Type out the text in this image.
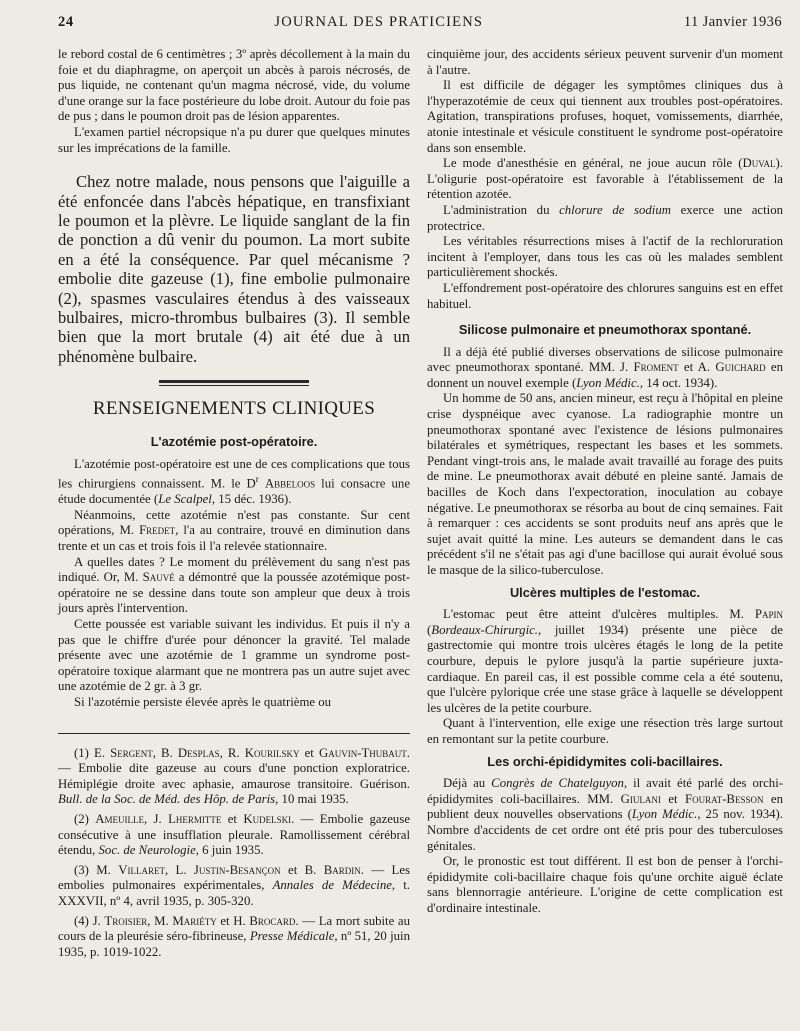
24	JOURNAL DES PRATICIENS	11 Janvier 1936

le rebord costal de 6 centimètres ; 3º après décollement à la main du foie et du diaphragme, on aperçoit un abcès à parois nécrosés, de pus liquide, ne contenant qu'un magma nécrosé, vide, du volume d'une orange sur la face postérieure du lobe droit. Autour du foie pas de pus ; dans le poumon droit pas de lésion apparentes.

L'examen partiel nécropsique n'a pu durer que quelques minutes sur les imprécations de la famille.

Chez notre malade, nous pensons que l'aiguille a été enfoncée dans l'abcès hépatique, en transfixiant le poumon et la plèvre. Le liquide sanglant de la fin de ponction a dû venir du poumon. La mort subite en a été la conséquence. Par quel mécanisme ? embolie dite gazeuse (1), fine embolie pulmonaire (2), spasmes vasculaires étendus à des vaisseaux bulbaires, micro-thrombus bulbaires (3). Il semble bien que la mort brutale (4) ait été due à un phénomène bulbaire.

RENSEIGNEMENTS CLINIQUES
L'azotémie post-opératoire.

L'azotémie post-opératoire est une de ces complications que tous les chirurgiens connaissent. M. le $D^r$ Abbeloos lui consacre une étude documentée (Le Scalpel, 15 déc. 1936).

Néanmoins, cette azotémie n'est pas constante. Sur cent opérations, M. Fredet, l'a au contraire, trouvé en diminution dans trente et un cas et trois fois il l'a relevée stationnaire.

A quelles dates ? Le moment du prélèvement du sang n'est pas indiqué. Or, M. Sauvé a démontré que la poussée azotémique post-opératoire ne se dessine dans toute son ampleur que deux à trois jours après l'intervention.

Cette poussée est variable suivant les individus. Et puis il n'y a pas que le chiffre d'urée pour dénoncer la gravité. Tel malade présente avec une azotémie de 1 gramme un syndrome post-opératoire toxique alarmant que ne montrera pas un autre sujet avec une azotémie de 2 gr. à 3 gr.

Si l'azotémie persiste élevée après le quatrième ou

(1) E. Sergent, B. Desplas, R. Kourilsky et Gauvin-Thubaut. — Embolie dite gazeuse au cours d'une ponction exploratrice. Hémiplégie droite avec aphasie, amaurose transitoire. Guérison. Bull. de la Soc. de Méd. des Hôp. de Paris, 10 mai 1935.

(2) Ameuille, J. Lhermitte et Kudelski. — Embolie gazeuse consécutive à une insufflation pleurale. Ramollissement cérébral étendu, Soc. de Neurologie, 6 juin 1935.

(3) M. Villaret, L. Justin-Besançon et B. Bardin. — Les embolies pulmonaires expérimentales, Annales de Médecine, t. XXXVII, nº 4, avril 1935, p. 305-320.

(4) J. Troisier, M. Mariéty et H. Brocard. — La mort subite au cours de la pleurésie séro-fibrineuse, Presse Médicale, nº 51, 20 juin 1935, p. 1019-1022.

cinquième jour, des accidents sérieux peuvent survenir d'un moment à l'autre.

Il est difficile de dégager les symptômes cliniques dus à l'hyperazotémie de ceux qui tiennent aux troubles post-opératoires. Agitation, transpirations profuses, hoquet, vomissements, diarrhée, atonie intestinale et vésicule constituent le syndrome post-opératoire dans son ensemble.

Le mode d'anesthésie en général, ne joue aucun rôle (Duval). L'oligurie post-opératoire est favorable à l'établissement de la rétention azotée.

L'administration du chlorure de sodium exerce une action protectrice.

Les véritables résurrections mises à l'actif de la rechloruration incitent à l'employer, dans tous les cas où les malades semblent particulièrement shockés.

L'effondrement post-opératoire des chlorures sanguins est en effet habituel.

Silicose pulmonaire et pneumothorax spontané.

Il a déjà été publié diverses observations de silicose pulmonaire avec pneumothorax spontané. MM. J. Froment et A. Guichard en donnent un nouvel exemple (Lyon Médic., 14 oct. 1934).

Un homme de 50 ans, ancien mineur, est reçu à l'hôpital en pleine crise dyspnéique avec cyanose. La radiographie montre un pneumothorax spontané avec l'existence de lésions pulmonaires bilatérales et symétriques, respectant les bases et les sommets. Pendant vingt-trois ans, le malade avait travaillé au forage des puits de mine. Le pneumothorax avait débuté en pleine santé. Jamais de bacilles de Koch dans l'expectoration, inoculation au cobaye négative. Le pneumothorax se résorba au bout de cinq semaines. Fait à remarquer : ces accidents se sont produits neuf ans après que le sujet avait quitté la mine. Les auteurs se demandent dans le cas précédent s'il ne s'était pas agi d'une bacillose qui aurait évolué sous le masque de la silico-tuberculose.

Ulcères multiples de l'estomac.

L'estomac peut être atteint d'ulcères multiples. M. Papin (Bordeaux-Chirurgic., juillet 1934) présente une pièce de gastrectomie qui montre trois ulcères étagés le long de la petite courbure, depuis le pylore jusqu'à la partie supérieure juxta-cardiaque. En pareil cas, il est possible comme cela a été soutenu, que l'ulcère pylorique crée une stase grâce à laquelle se développent les ulcères de la petite courbure.

Quant à l'intervention, elle exige une résection très large surtout en remontant sur la petite courbure.

Les orchi-épididymites coli-bacillaires.

Déjà au Congrès de Chatelguyon, il avait été parlé des orchi-épididymites coli-bacillaires. MM. Giulani et Fourat-Besson en publient deux nouvelles observations (Lyon Médic., 25 nov. 1934). Nombre d'accidents de cet ordre ont été pris pour des tuberculoses génitales.

Or, le pronostic est tout différent. Il est bon de penser à l'orchi-épididymite coli-bacillaire chaque fois qu'une orchite aiguë éclate sans blennorragie antérieure. L'origine de cette complication est d'ordinaire intestinale.
